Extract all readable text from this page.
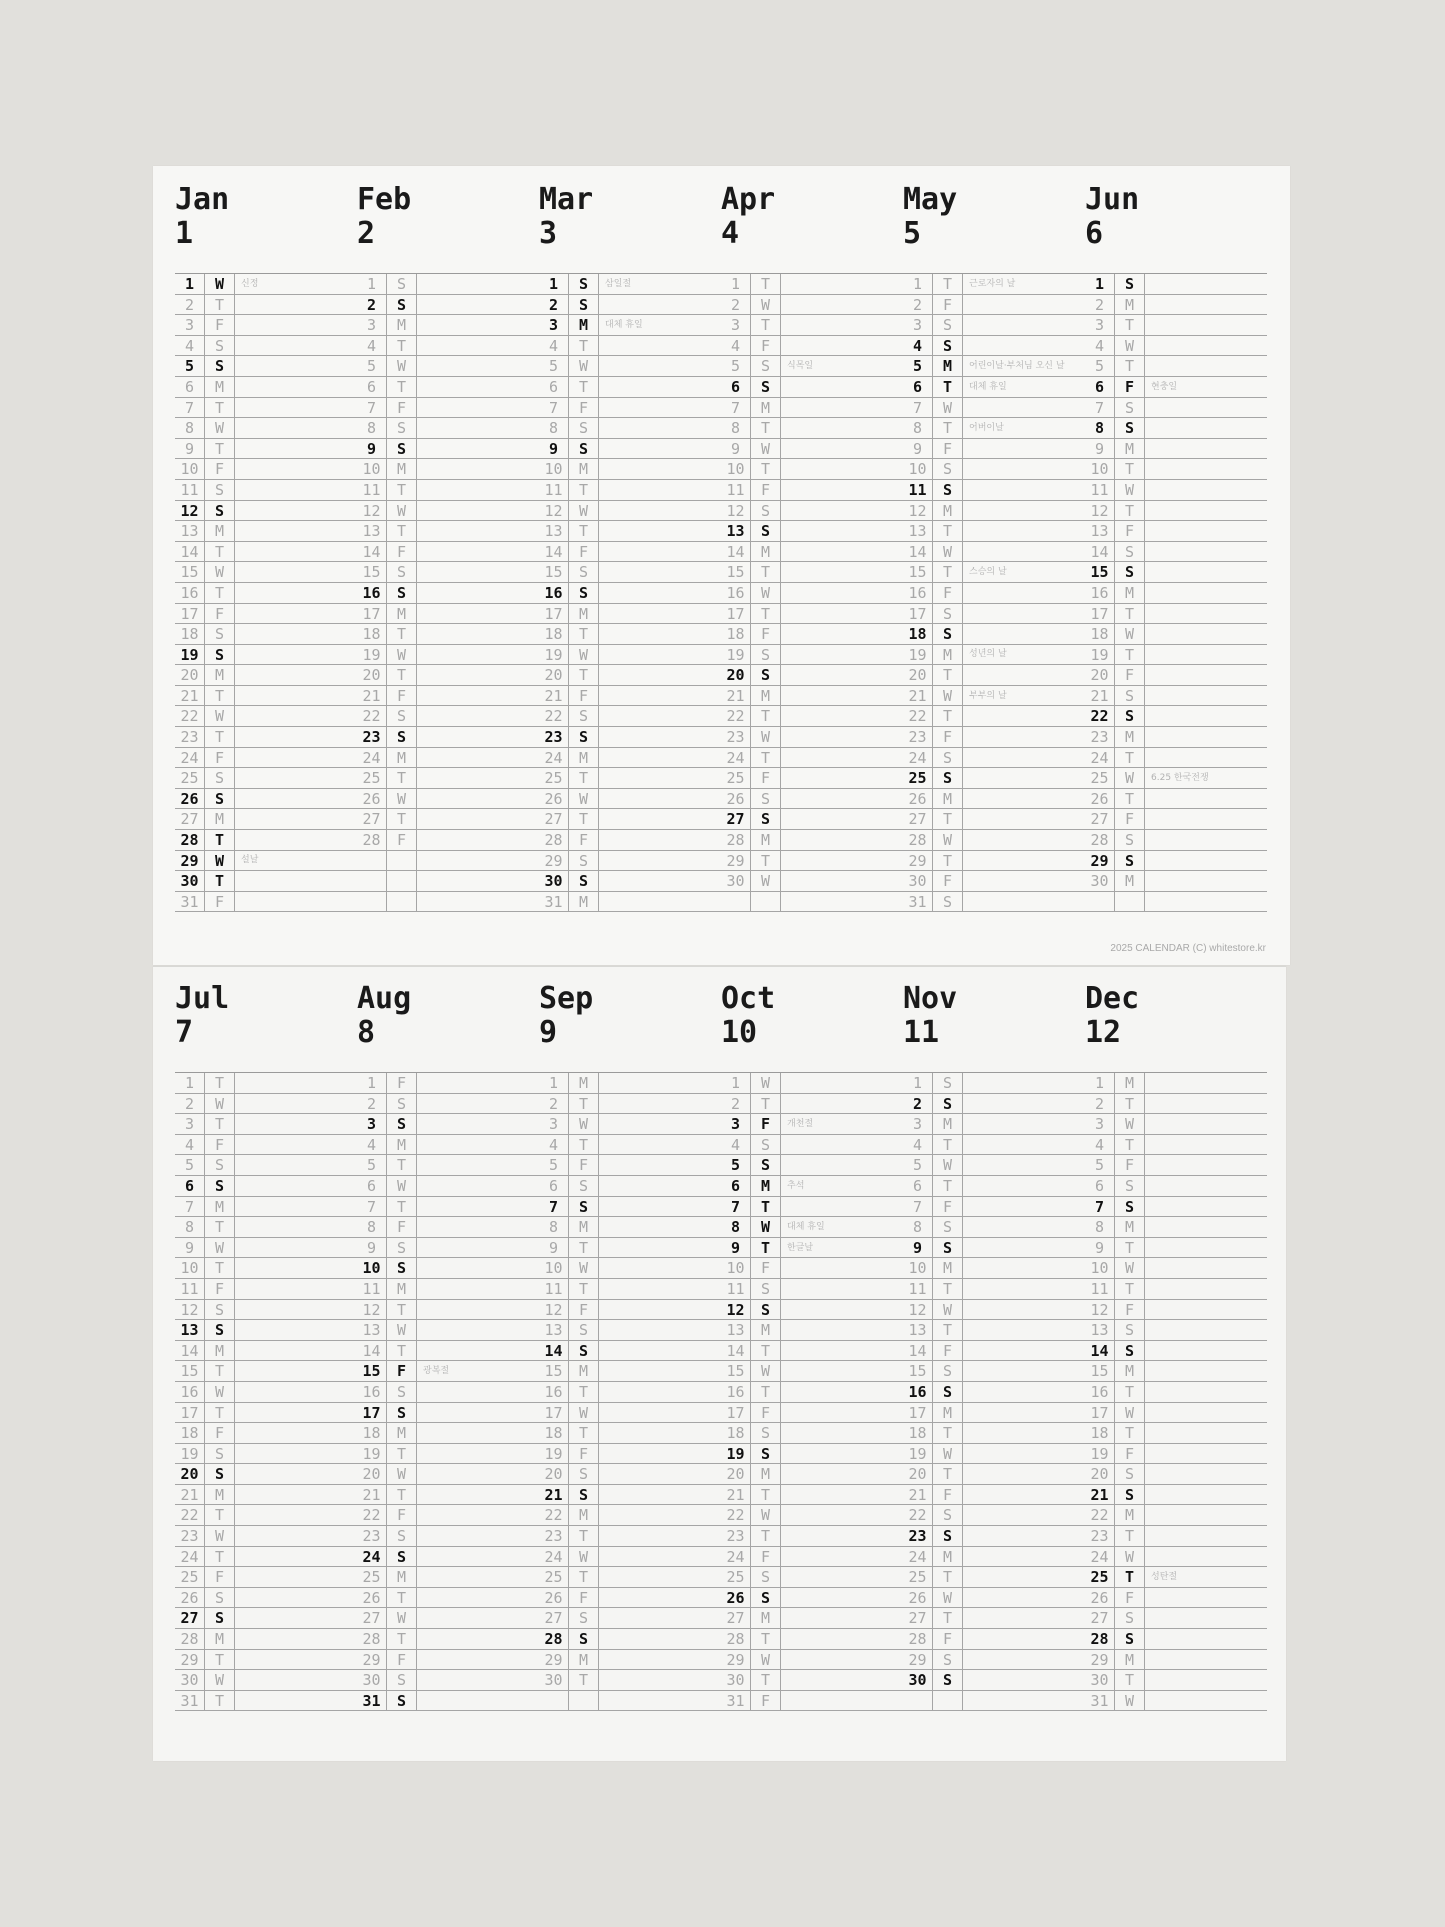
2025 CALENDAR (C) whitestore.kr
Jan
1
1	W	신정
2	T
3	F
4	S
5	S
6	M
7	T
8	W
9	T
10	F
11	S
12	S
13	M
14	T
15	W
16	T
17	F
18	S
19	S
20	M
21	T
22	W
23	T
24	F
25	S
26	S
27	M
28	T
29	W	설날
30	T
31	F
Feb
2
1	S
2	S
3	M
4	T
5	W
6	T
7	F
8	S
9	S
10	M
11	T
12	W
13	T
14	F
15	S
16	S
17	M
18	T
19	W
20	T
21	F
22	S
23	S
24	M
25	T
26	W
27	T
28	F
Mar
3
1	S	삼일절
2	S
3	M	대체 휴일
4	T
5	W
6	T
7	F
8	S
9	S
10	M
11	T
12	W
13	T
14	F
15	S
16	S
17	M
18	T
19	W
20	T
21	F
22	S
23	S
24	M
25	T
26	W
27	T
28	F
29	S
30	S
31	M
Apr
4
1	T
2	W
3	T
4	F
5	S	식목일
6	S
7	M
8	T
9	W
10	T
11	F
12	S
13	S
14	M
15	T
16	W
17	T
18	F
19	S
20	S
21	M
22	T
23	W
24	T
25	F
26	S
27	S
28	M
29	T
30	W
May
5
1	T	근로자의 날
2	F
3	S
4	S
5	M	어린이날·부처님 오신 날
6	T	대체 휴일
7	W
8	T	어버이날
9	F
10	S
11	S
12	M
13	T
14	W
15	T	스승의 날
16	F
17	S
18	S
19	M	성년의 날
20	T
21	W	부부의 날
22	T
23	F
24	S
25	S
26	M
27	T
28	W
29	T
30	F
31	S
Jun
6
1	S
2	M
3	T
4	W
5	T
6	F	현충일
7	S
8	S
9	M
10	T
11	W
12	T
13	F
14	S
15	S
16	M
17	T
18	W
19	T
20	F
21	S
22	S
23	M
24	T
25	W	6.25 한국전쟁
26	T
27	F
28	S
29	S
30	M
Jul
7
1	T
2	W
3	T
4	F
5	S
6	S
7	M
8	T
9	W
10	T
11	F
12	S
13	S
14	M
15	T
16	W
17	T
18	F
19	S
20	S
21	M
22	T
23	W
24	T
25	F
26	S
27	S
28	M
29	T
30	W
31	T
Aug
8
1	F
2	S
3	S
4	M
5	T
6	W
7	T
8	F
9	S
10	S
11	M
12	T
13	W
14	T
15	F	광복절
16	S
17	S
18	M
19	T
20	W
21	T
22	F
23	S
24	S
25	M
26	T
27	W
28	T
29	F
30	S
31	S
Sep
9
1	M
2	T
3	W
4	T
5	F
6	S
7	S
8	M
9	T
10	W
11	T
12	F
13	S
14	S
15	M
16	T
17	W
18	T
19	F
20	S
21	S
22	M
23	T
24	W
25	T
26	F
27	S
28	S
29	M
30	T
Oct
10
1	W
2	T
3	F	개천절
4	S
5	S
6	M	추석
7	T
8	W	대체 휴일
9	T	한글날
10	F
11	S
12	S
13	M
14	T
15	W
16	T
17	F
18	S
19	S
20	M
21	T
22	W
23	T
24	F
25	S
26	S
27	M
28	T
29	W
30	T
31	F
Nov
11
1	S
2	S
3	M
4	T
5	W
6	T
7	F
8	S
9	S
10	M
11	T
12	W
13	T
14	F
15	S
16	S
17	M
18	T
19	W
20	T
21	F
22	S
23	S
24	M
25	T
26	W
27	T
28	F
29	S
30	S
Dec
12
1	M
2	T
3	W
4	T
5	F
6	S
7	S
8	M
9	T
10	W
11	T
12	F
13	S
14	S
15	M
16	T
17	W
18	T
19	F
20	S
21	S
22	M
23	T
24	W
25	T	성탄절
26	F
27	S
28	S
29	M
30	T
31	W
